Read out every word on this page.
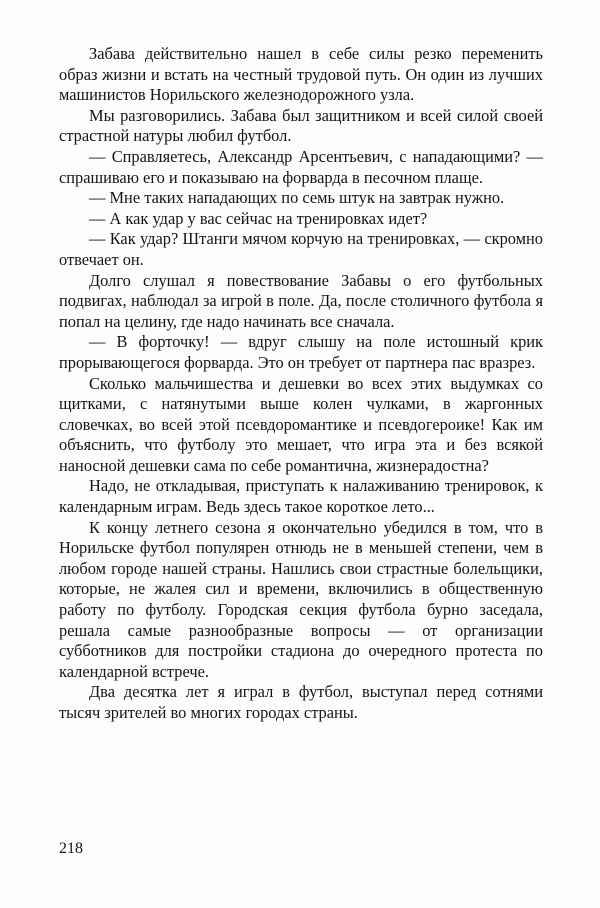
Забава действительно нашел в себе силы резко переменить образ жизни и встать на честный трудовой путь. Он один из лучших машинистов Норильского железнодорожного узла.

Мы разговорились. Забава был защитником и всей силой своей страстной натуры любил футбол.

— Справляетесь, Александр Арсентьевич, с нападающими? — спрашиваю его и показываю на форварда в песочном плаще.

— Мне таких нападающих по семь штук на завтрак нужно.

— А как удар у вас сейчас на тренировках идет?

— Как удар? Штанги мячом корчую на тренировках, — скромно отвечает он.

Долго слушал я повествование Забавы о его футбольных подвигах, наблюдал за игрой в поле. Да, после столичного футбола я попал на целину, где надо начинать все сначала.

— В форточку! — вдруг слышу на поле истошный крик прорывающегося форварда. Это он требует от партнера пас вразрез.

Сколько мальчишества и дешевки во всех этих выдумках со щитками, с натянутыми выше колен чулками, в жаргонных словечках, во всей этой псевдоромантике и псевдогероике! Как им объяснить, что футболу это мешает, что игра эта и без всякой наносной дешевки сама по себе романтична, жизнерадостна?

Надо, не откладывая, приступать к налаживанию тренировок, к календарным играм. Ведь здесь такое короткое лето...

К концу летнего сезона я окончательно убедился в том, что в Норильске футбол популярен отнюдь не в меньшей степени, чем в любом городе нашей страны. Нашлись свои страстные болельщики, которые, не жалея сил и времени, включились в общественную работу по футболу. Городская секция футбола бурно заседала, решала самые разнообразные вопросы — от организации субботников для постройки стадиона до очередного протеста по календарной встрече.

Два десятка лет я играл в футбол, выступал перед сотнями тысяч зрителей во многих городах страны.

218
